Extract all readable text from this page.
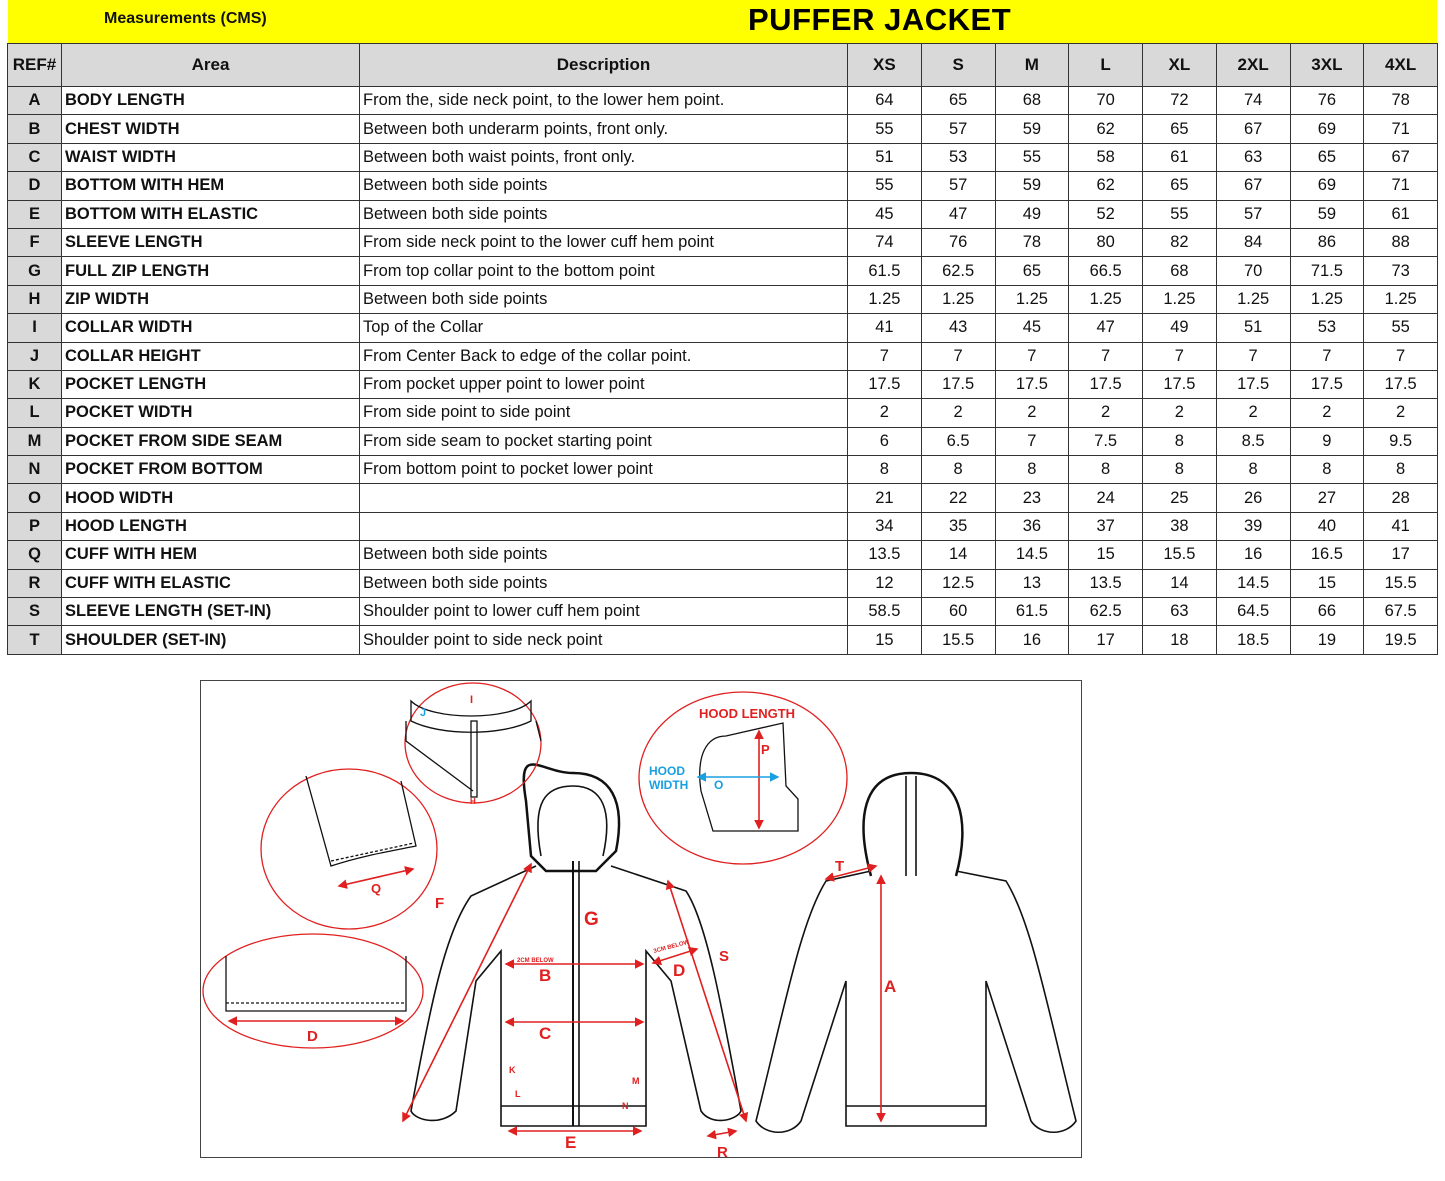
Measurements (CMS)	PUFFER JACKET
REF#	Area	Description	XS	S	M	L	XL	2XL	3XL	4XL
A	BODY LENGTH	From the, side neck point, to the lower hem point.	64	65	68	70	72	74	76	78
B	CHEST WIDTH	Between both underarm points, front only.	55	57	59	62	65	67	69	71
C	WAIST WIDTH	Between both waist points, front only.	51	53	55	58	61	63	65	67
D	BOTTOM WITH HEM	Between both side points	55	57	59	62	65	67	69	71
E	BOTTOM WITH ELASTIC	Between both side points	45	47	49	52	55	57	59	61
F	SLEEVE LENGTH	From side neck point to the lower cuff hem point	74	76	78	80	82	84	86	88
G	FULL ZIP LENGTH	From top collar point to the bottom point	61.5	62.5	65	66.5	68	70	71.5	73
H	ZIP WIDTH	Between both side points	1.25	1.25	1.25	1.25	1.25	1.25	1.25	1.25
I	COLLAR WIDTH	Top of the Collar	41	43	45	47	49	51	53	55
J	COLLAR HEIGHT	From Center Back to edge of the collar point.	7	7	7	7	7	7	7	7
K	POCKET LENGTH	From pocket upper point to lower point	17.5	17.5	17.5	17.5	17.5	17.5	17.5	17.5
L	POCKET WIDTH	From side point to side point	2	2	2	2	2	2	2	2
M	POCKET FROM SIDE SEAM	From side seam to pocket starting point	6	6.5	7	7.5	8	8.5	9	9.5
N	POCKET FROM BOTTOM	From bottom point to pocket lower point	8	8	8	8	8	8	8	8
O	HOOD WIDTH		21	22	23	24	25	26	27	28
P	HOOD LENGTH		34	35	36	37	38	39	40	41
Q	CUFF WITH HEM	Between both side points	13.5	14	14.5	15	15.5	16	16.5	17
R	CUFF WITH ELASTIC	Between both side points	12	12.5	13	13.5	14	14.5	15	15.5
S	SLEEVE LENGTH (SET-IN)	Shoulder point to lower cuff hem point	58.5	60	61.5	62.5	63	64.5	66	67.5
T	SHOULDER (SET-IN)	Shoulder point to side neck point	15	15.5	16	17	18	18.5	19	19.5
A
B
C
D
E
F
G
S
T
R
Q
D
I
H
K
L
M
N
P
HOOD LENGTH
2CM BELOW
3CM BELOW
HOOD
WIDTH O
J
